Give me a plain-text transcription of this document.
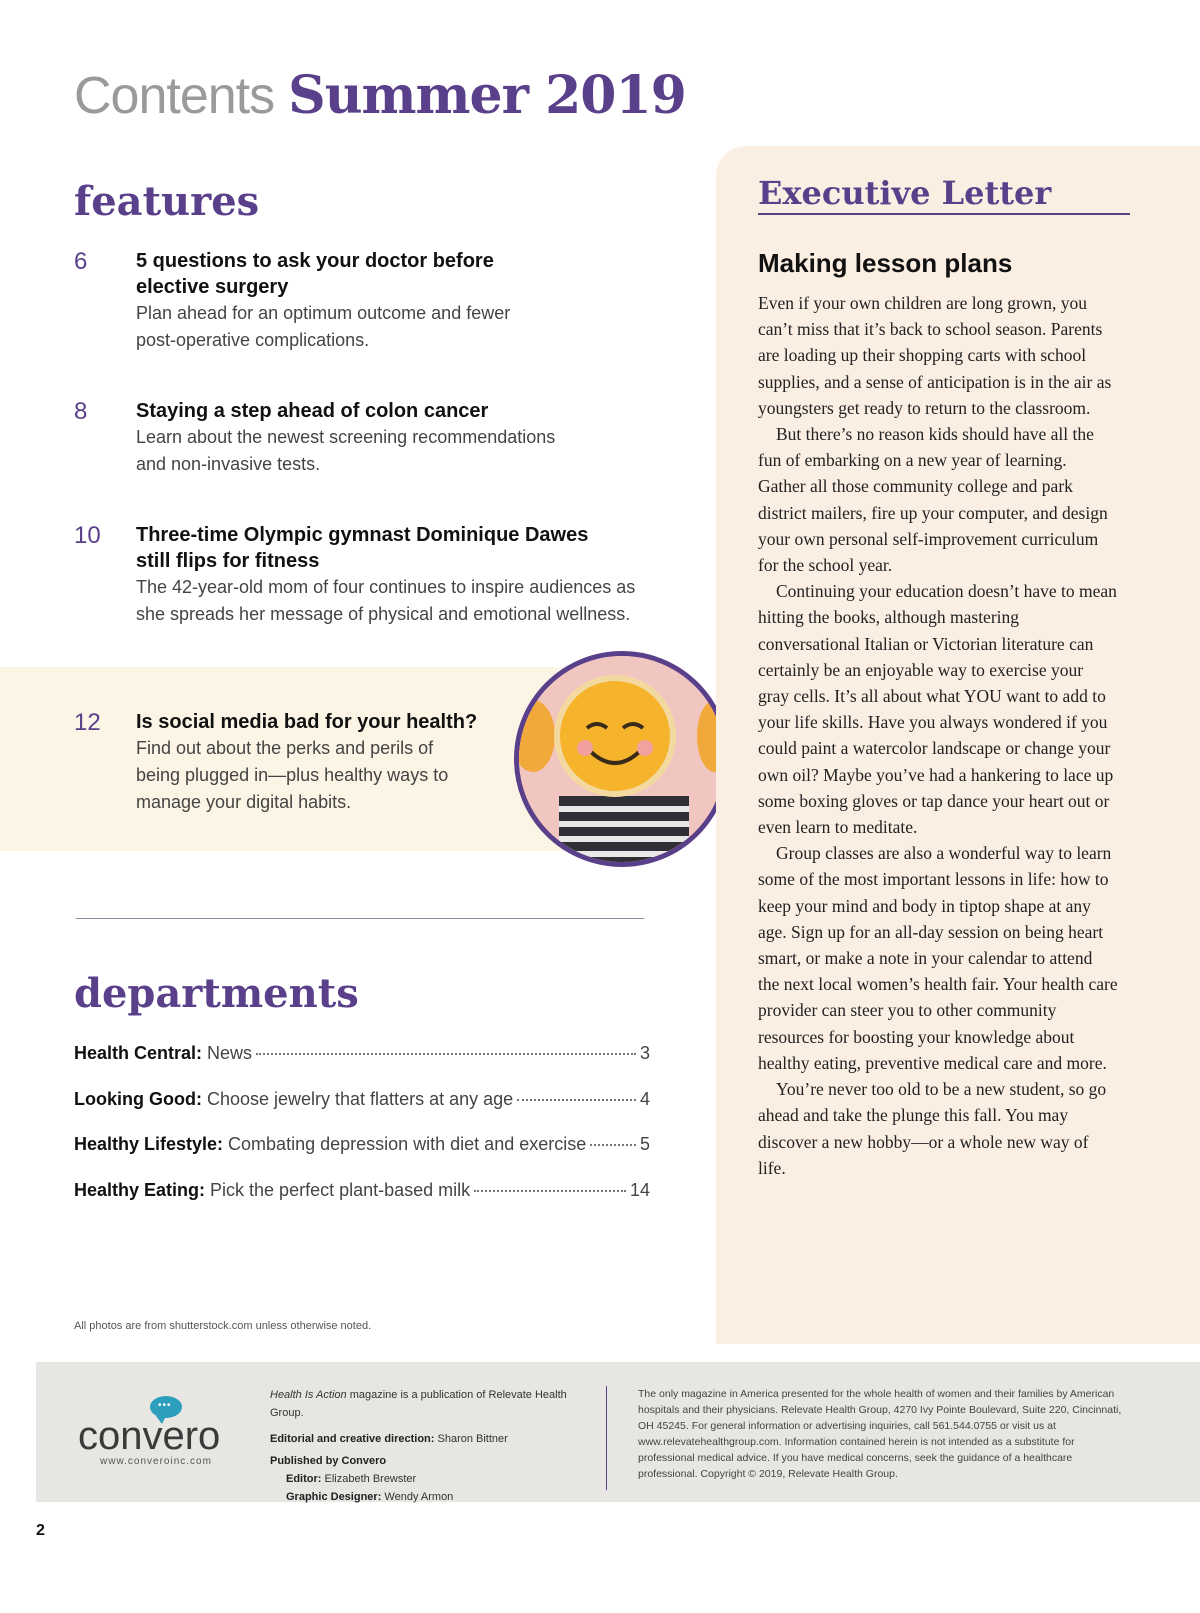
Contents Summer 2019
features
6	5 questions to ask your doctor before elective surgery
Plan ahead for an optimum outcome and fewer post-operative complications.
8	Staying a step ahead of colon cancer
Learn about the newest screening recommendations and non-invasive tests.
10	Three-time Olympic gymnast Dominique Dawes still flips for fitness
The 42-year-old mom of four continues to inspire audiences as she spreads her message of physical and emotional wellness.
12	Is social media bad for your health?
Find out about the perks and perils of being plugged in—plus healthy ways to manage your digital habits.
departments
Health Central: News	3
Looking Good: Choose jewelry that flatters at any age	4
Healthy Lifestyle: Combating depression with diet and exercise	5
Healthy Eating: Pick the perfect plant-based milk	14
All photos are from shutterstock.com unless otherwise noted.
Executive Letter
Making lesson plans

Even if your own children are long grown, you can’t miss that it’s back to school season. Parents are loading up their shopping carts with school supplies, and a sense of anticipation is in the air as youngsters get ready to return to the classroom.

But there’s no reason kids should have all the fun of embarking on a new year of learning. Gather all those community college and park district mailers, fire up your computer, and design your own personal self-improvement curriculum for the school year.

Continuing your education doesn’t have to mean hitting the books, although mastering conversational Italian or Victorian literature can certainly be an enjoyable way to exercise your gray cells. It’s all about what YOU want to add to your life skills. Have you always wondered if you could paint a watercolor landscape or change your own oil? Maybe you’ve had a hankering to lace up some boxing gloves or tap dance your heart out or even learn to meditate.

Group classes are also a wonderful way to learn some of the most important lessons in life: how to keep your mind and body in tiptop shape at any age. Sign up for an all-day session on being heart smart, or make a note in your calendar to attend the next local women’s health fair. Your health care provider can steer you to other community resources for boosting your knowledge about healthy eating, preventive medical care and more.

You’re never too old to be a new student, so go ahead and take the plunge this fall. You may discover a new hobby—or a whole new way of life.

•••
convero
www.converoinc.com
Health Is Action magazine is a publication of Relevate Health Group.
Editorial and creative direction: Sharon Bittner
Published by Convero
Editor: Elizabeth Brewster
Graphic Designer: Wendy Armon
The only magazine in America presented for the whole health of women and their families by American hospitals and their physicians. Relevate Health Group, 4270 Ivy Pointe Boulevard, Suite 220, Cincinnati, OH 45245. For general information or advertising inquiries, call 561.544.0755 or visit us at www.relevatehealthgroup.com. Information contained herein is not intended as a substitute for professional medical advice. If you have medical concerns, seek the guidance of a healthcare professional. Copyright © 2019, Relevate Health Group.
2
